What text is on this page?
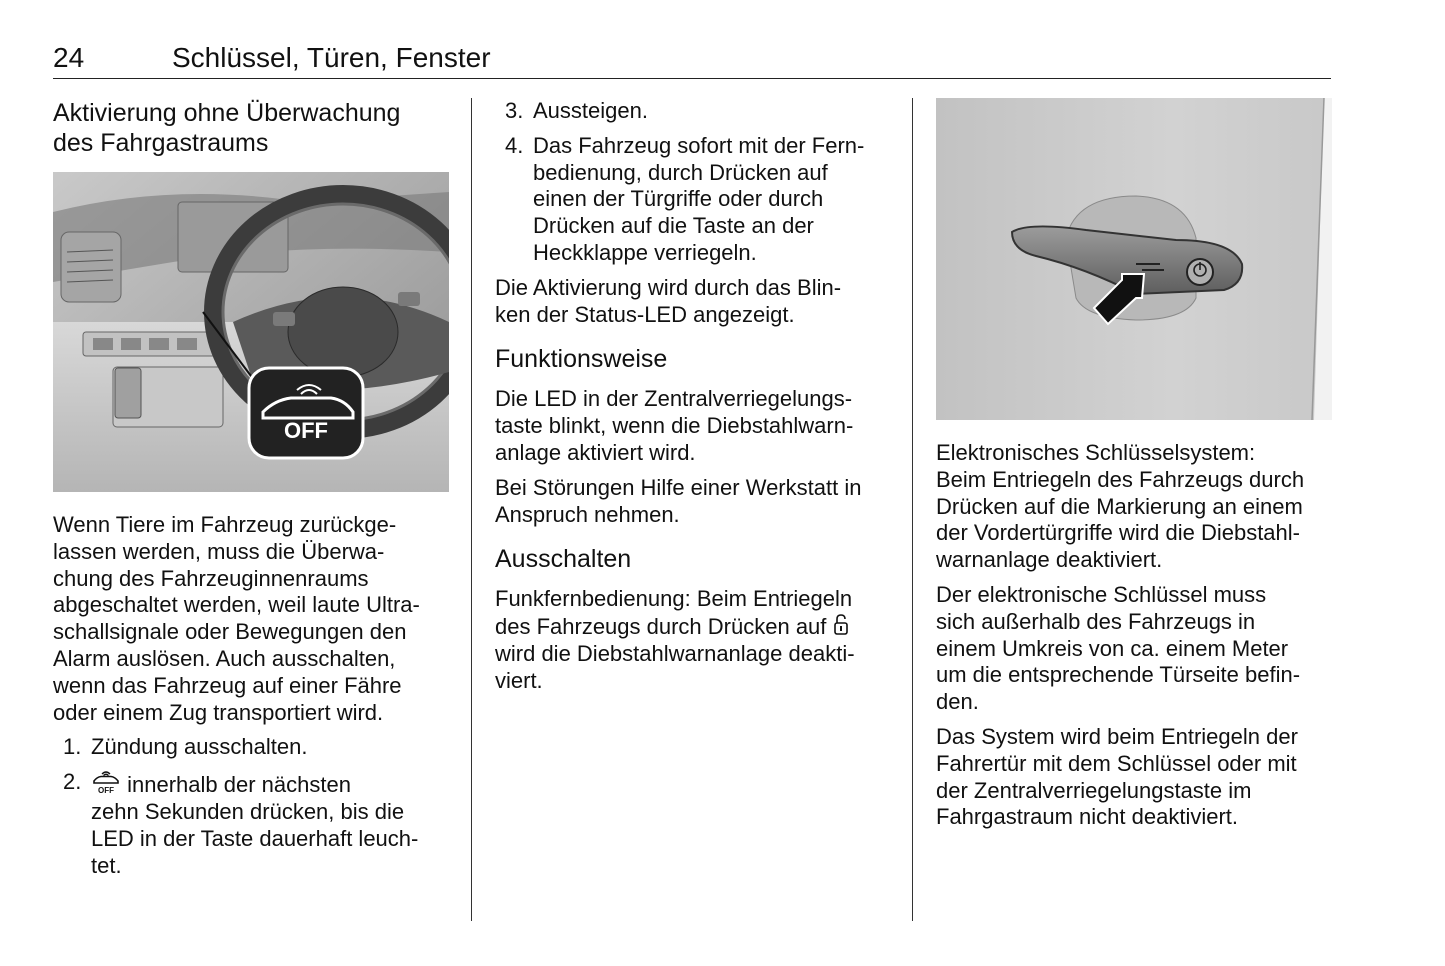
24	Schlüssel, Türen, Fenster
Aktivierung ohne Überwachung
des Fahrgastraums
OFF

Wenn Tiere im Fahrzeug zurückge-
lassen werden, muss die Überwa-
chung des Fahrzeuginnenraums
abgeschaltet werden, weil laute Ultra-
schallsignale oder Bewegungen den
Alarm auslösen. Auch ausschalten,
wenn das Fahrzeug auf einer Fähre
oder einem Zug transportiert wird.

1. Zündung ausschalten.
2. OFF innerhalb der nächsten
zehn Sekunden drücken, bis die
LED in der Taste dauerhaft leuch-
tet.
3. Aussteigen.
4. Das Fahrzeug sofort mit der Fern-
bedienung, durch Drücken auf
einen der Türgriffe oder durch
Drücken auf die Taste an der
Heckklappe verriegeln.

Die Aktivierung wird durch das Blin-
ken der Status-LED angezeigt.

Funktionsweise

Die LED in der Zentralverriegelungs-
taste blinkt, wenn die Diebstahlwarn-
anlage aktiviert wird.

Bei Störungen Hilfe einer Werkstatt in
Anspruch nehmen.

Ausschalten

Funkfernbedienung: Beim Entriegeln
des Fahrzeugs durch Drücken auf
wird die Diebstahlwarnanlage deakti-
viert.

Elektronisches Schlüsselsystem:
Beim Entriegeln des Fahrzeugs durch
Drücken auf die Markierung an einem
der Vordertürgriffe wird die Diebstahl-
warnanlage deaktiviert.

Der elektronische Schlüssel muss
sich außerhalb des Fahrzeugs in
einem Umkreis von ca. einem Meter
um die entsprechende Türseite befin-
den.

Das System wird beim Entriegeln der
Fahrertür mit dem Schlüssel oder mit
der Zentralverriegelungstaste im
Fahrgastraum nicht deaktiviert.
